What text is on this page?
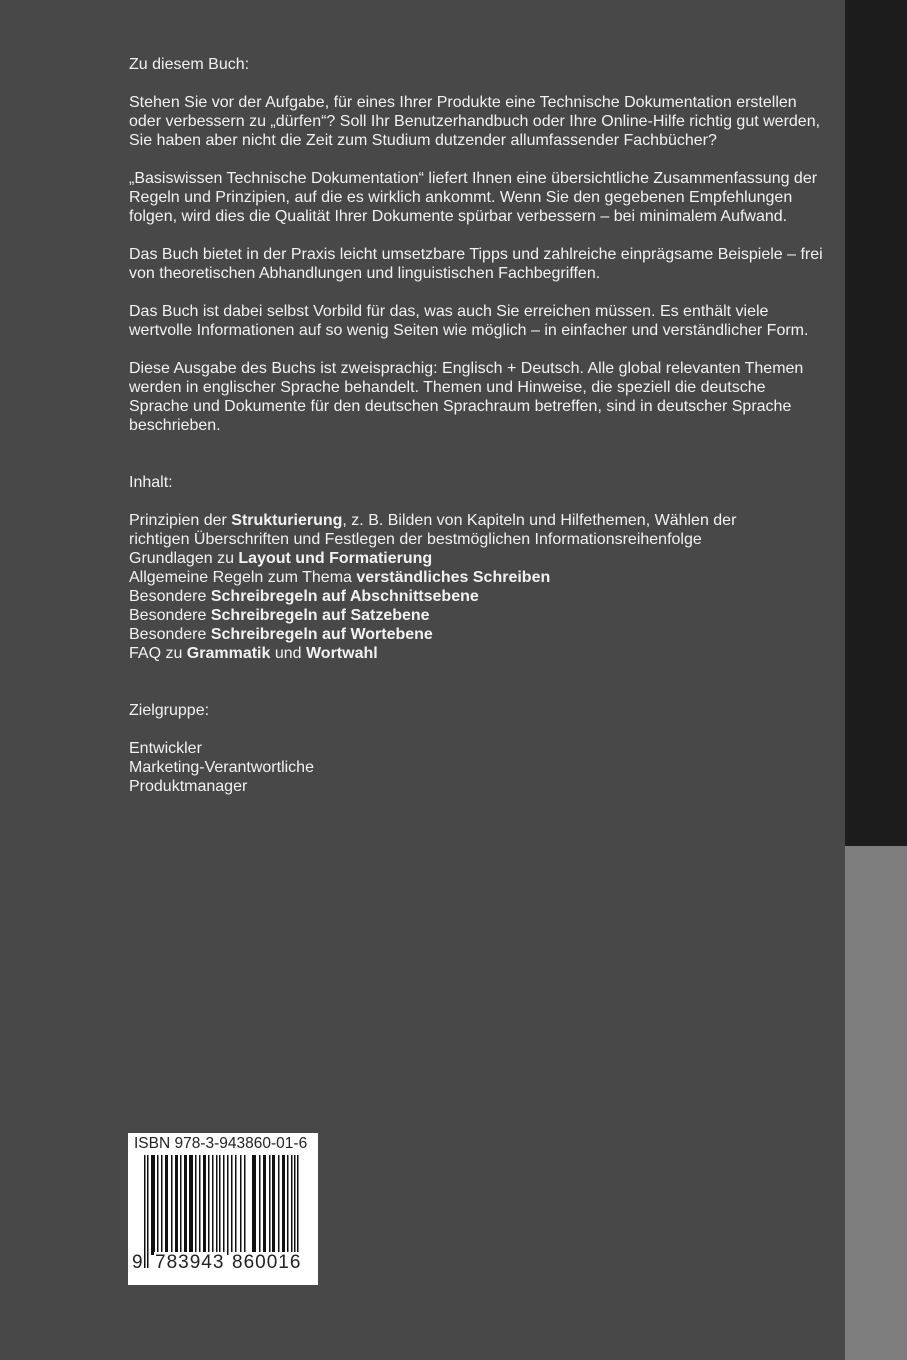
Zu diesem Buch:

Stehen Sie vor der Aufgabe, für eines Ihrer Produkte eine Technische Dokumentation erstellen oder verbessern zu „dürfen“? Soll Ihr Benutzerhandbuch oder Ihre Online-Hilfe richtig gut werden, Sie haben aber nicht die Zeit zum Studium dutzender allumfassender Fachbücher?

„Basiswissen Technische Dokumentation“ liefert Ihnen eine übersichtliche Zusammenfassung der Regeln und Prinzipien, auf die es wirklich ankommt. Wenn Sie den gegebenen Empfehlungen folgen, wird dies die Qualität Ihrer Dokumente spürbar verbessern – bei minimalem Aufwand.

Das Buch bietet in der Praxis leicht umsetzbare Tipps und zahlreiche einprägsame Beispiele – frei von theoretischen Abhandlungen und linguistischen Fachbegriffen.

Das Buch ist dabei selbst Vorbild für das, was auch Sie erreichen müssen. Es enthält viele wertvolle Informationen auf so wenig Seiten wie möglich – in einfacher und verständlicher Form.

Diese Ausgabe des Buchs ist zweisprachig: Englisch + Deutsch. Alle global relevanten Themen werden in englischer Sprache behandelt. Themen und Hinweise, die speziell die deutsche Sprache und Dokumente für den deutschen Sprachraum betreffen, sind in deutscher Sprache beschrieben.

Inhalt:
Prinzipien der Strukturierung, z. B. Bilden von Kapiteln und Hilfethemen, Wählen der
richtigen Überschriften und Festlegen der bestmöglichen Informationsreihenfolge
Grundlagen zu Layout und Formatierung
Allgemeine Regeln zum Thema verständliches Schreiben
Besondere Schreibregeln auf Abschnittsebene
Besondere Schreibregeln auf Satzebene
Besondere Schreibregeln auf Wortebene
FAQ zu Grammatik und Wortwahl
Zielgruppe:
Entwickler
Marketing-Verantwortliche
Produktmanager
ISBN 978-3-943860-01-6
9 783943 860016
